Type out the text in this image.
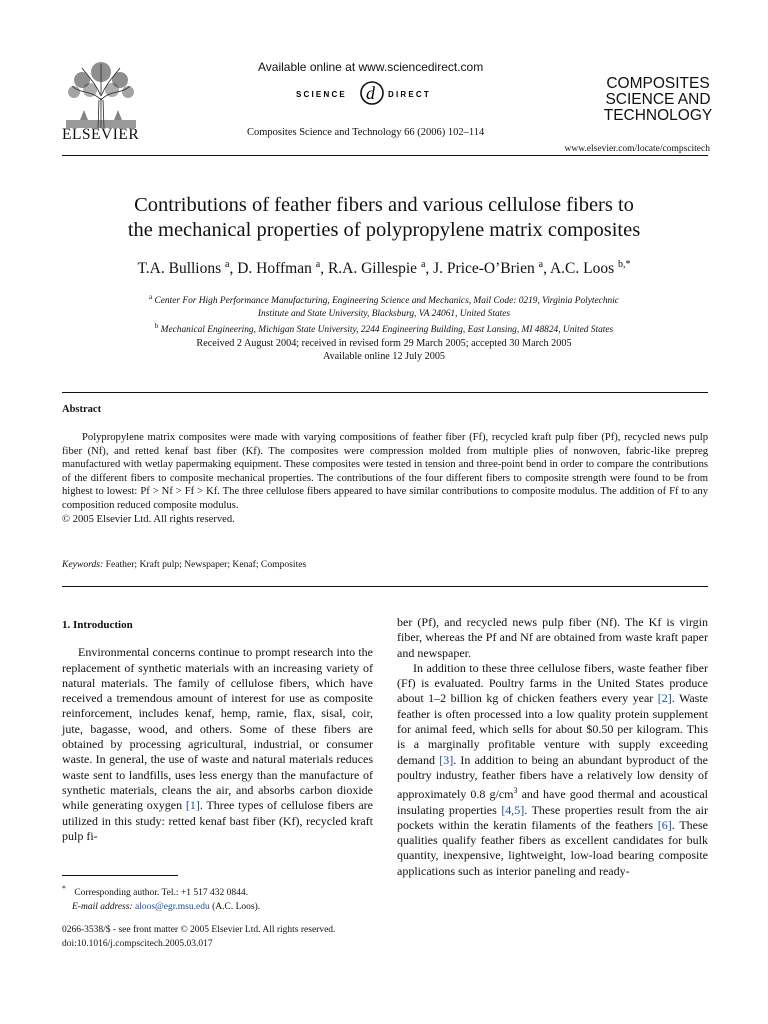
ELSEVIER
Available online at www.sciencedirect.com
SCIENCE d DIRECT
Composites Science and Technology 66 (2006) 102–114
COMPOSITES
SCIENCE AND
TECHNOLOGY
www.elsevier.com/locate/compscitech
Contributions of feather fibers and various cellulose fibers to
the mechanical properties of polypropylene matrix composites
T.A. Bullions $^a$, D. Hoffman $^a$, R.A. Gillespie $^a$, J. Price-O’Brien $^a$, A.C. Loos $^{b,*}$
$^a$ Center For High Performance Manufacturing, Engineering Science and Mechanics, Mail Code: 0219, Virginia Polytechnic
Institute and State University, Blacksburg, VA 24061, United States
$^b$ Mechanical Engineering, Michigan State University, 2244 Engineering Building, East Lansing, MI 48824, United States
Received 2 August 2004; received in revised form 29 March 2005; accepted 30 March 2005
Available online 12 July 2005
Abstract

Polypropylene matrix composites were made with varying compositions of feather fiber (Ff), recycled kraft pulp fiber (Pf), recycled news pulp fiber (Nf), and retted kenaf bast fiber (Kf). The composites were compression molded from multiple plies of nonwoven, fabric-like prepreg manufactured with wetlay papermaking equipment. These composites were tested in tension and three-point bend in order to compare the contributions of the different fibers to composite mechanical properties. The contributions of the four different fibers to composite strength were found to be from highest to lowest: Pf > Nf > Ff > Kf. The three cellulose fibers appeared to have similar contributions to composite modulus. The addition of Ff to any composition reduced composite modulus.

© 2005 Elsevier Ltd. All rights reserved.
Keywords: Feather; Kraft pulp; Newspaper; Kenaf; Composites

1. Introduction

Environmental concerns continue to prompt research into the replacement of synthetic materials with an increasing variety of natural materials. The family of cellulose fibers, which have received a tremendous amount of interest for use as composite reinforcement, includes kenaf, hemp, ramie, flax, sisal, coir, jute, bagasse, wood, and others. Some of these fibers are obtained by processing agricultural, industrial, or consumer waste. In general, the use of waste and natural materials reduces waste sent to landfills, uses less energy than the manufacture of synthetic materials, cleans the air, and absorbs carbon dioxide while generating oxygen [1]. Three types of cellulose fibers are utilized in this study: retted kenaf bast fiber (Kf), recycled kraft pulp fi-

ber (Pf), and recycled news pulp fiber (Nf). The Kf is virgin fiber, whereas the Pf and Nf are obtained from waste kraft paper and newspaper.

In addition to these three cellulose fibers, waste feather fiber (Ff) is evaluated. Poultry farms in the United States produce about 1–2 billion kg of chicken feathers every year [2]. Waste feather is often processed into a low quality protein supplement for animal feed, which sells for about $0.50 per kilogram. This is a marginally profitable venture with supply exceeding demand [3]. In addition to being an abundant byproduct of the poultry industry, feather fibers have a relatively low density of approximately 0.8 $g/cm^3$ and have good thermal and acoustical insulating properties [4,5]. These properties result from the air pockets within the keratin filaments of the feathers [6]. These qualities qualify feather fibers as excellent candidates for bulk quantity, inexpensive, lightweight, low-load bearing composite applications such as interior paneling and ready-

* Corresponding author. Tel.: +1 517 432 0844.
E-mail address: aloos@egr.msu.edu (A.C. Loos).
0266-3538/$ - see front matter © 2005 Elsevier Ltd. All rights reserved.
doi:10.1016/j.compscitech.2005.03.017
